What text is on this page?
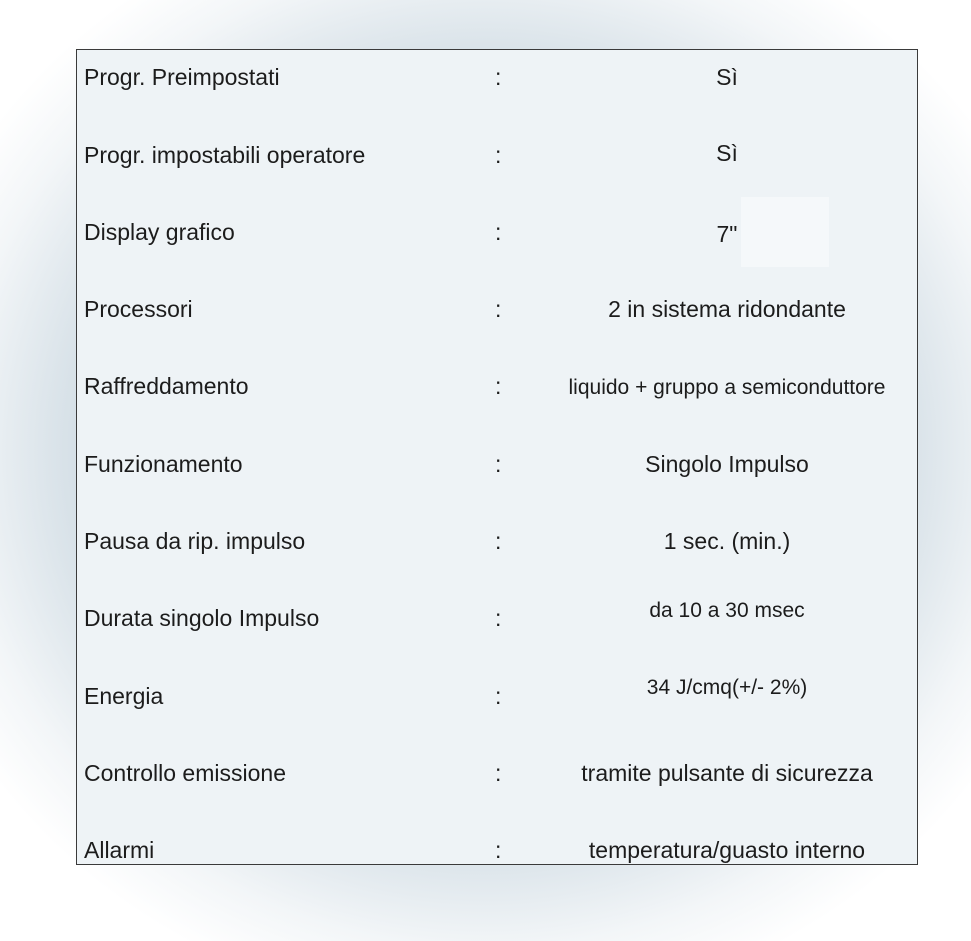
Progr. Preimpostati	:	Sì
Progr. impostabili operatore	:	Sì
Display grafico	:	7"
Processori	:	2 in sistema ridondante
Raffreddamento	:	liquido + gruppo a semiconduttore
Funzionamento	:	Singolo Impulso
Pausa da rip. impulso	:	1 sec. (min.)
Durata singolo Impulso	:	da 10 a 30 msec
Energia	:	34 J/cmq(+/- 2%)
Controllo emissione	:	tramite pulsante di sicurezza
Allarmi	:	temperatura/guasto interno
